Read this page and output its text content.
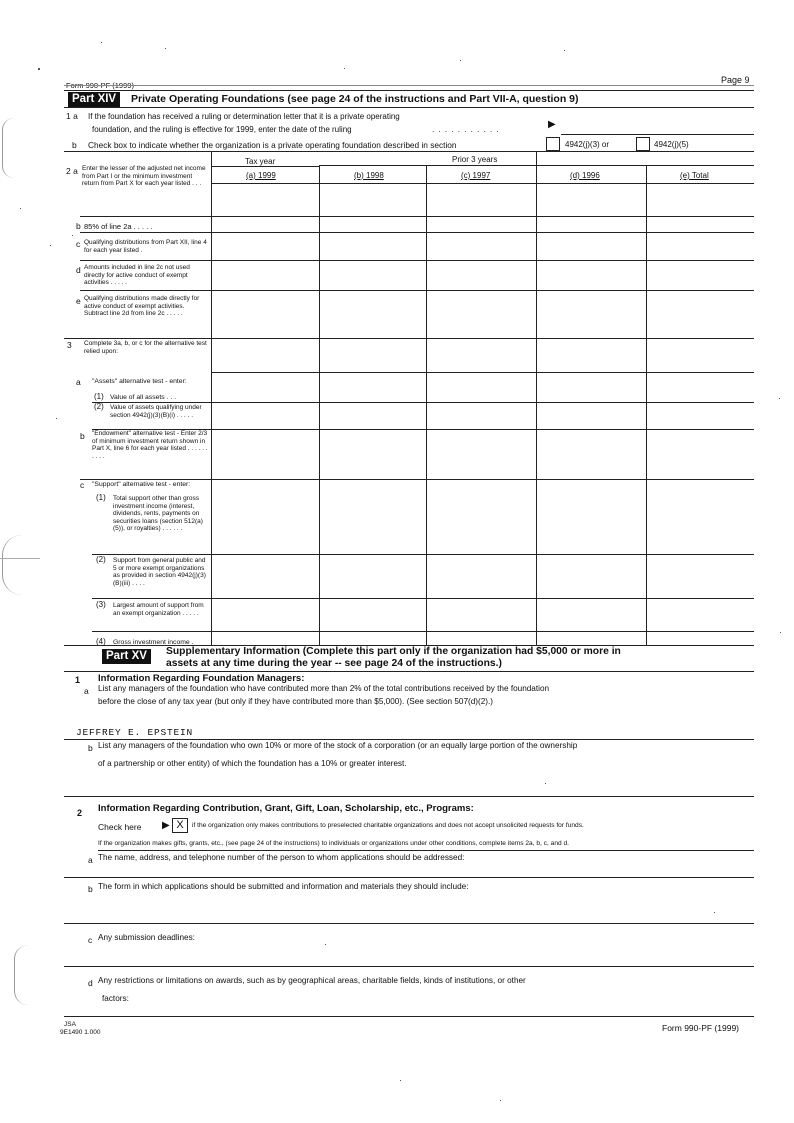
Form 990-PF (1999)
Page 9
Part XIV	Private Operating Foundations (see page 24 of the instructions and Part VII-A, question 9)
1 a If the foundation has received a ruling or determination letter that it is a private operating
foundation, and the ruling is effective for 1999, enter the date of the ruling	. . . . . . . . . . .	▶
b Check box to indicate whether the organization is a private operating foundation described in section	4942(j)(3) or	4942(j)(5)
Tax year	Prior 3 years
(a) 1999	(b) 1998	(c) 1997	(d) 1996	(e) Total
2 a Enter the lesser of the adjusted net income from Part I or the minimum investment return from Part X for each year listed . . .
b 85% of line 2a . . . . .
c Qualifying distributions from Part XII, line 4 for each year listed .
d Amounts included in line 2c not used directly for active conduct of exempt activities . . . . .
e Qualifying distributions made directly for active conduct of exempt activities. Subtract line 2d from line 2c . . . . .
3 Complete 3a, b, or c for the alternative test relied upon:
a "Assets" alternative test - enter:
(1) Value of all assets . . .
(2) Value of assets qualifying under section 4942(j)(3)(B)(i) . . . . .
b "Endowment" alternative test - Enter 2/3 of minimum investment return shown in Part X, line 6 for each year listed . . . . . . . . . .
c "Support" alternative test - enter:
(1) Total support other than gross investment income (interest, dividends, rents, payments on securities loans (section 512(a)(5)), or royalties) . . . . . .
(2) Support from general public and 5 or more exempt organizations as provided in section 4942(j)(3)(B)(iii) . . . .
(3) Largest amount of support from an exempt organization . . . . .
(4) Gross investment income .
Part XV	Supplementary Information (Complete this part only if the organization had $5,000 or more in
assets at any time during the year -- see page 24 of the instructions.)
1 Information Regarding Foundation Managers:
a List any managers of the foundation who have contributed more than 2% of the total contributions received by the foundation
before the close of any tax year (but only if they have contributed more than $5,000). (See section 507(d)(2).)
JEFFREY E. EPSTEIN
b List any managers of the foundation who own 10% or more of the stock of a corporation (or an equally large portion of the ownership
of a partnership or other entity) of which the foundation has a 10% or greater interest.
2 Information Regarding Contribution, Grant, Gift, Loan, Scholarship, etc., Programs:
Check here ▶ X	if the organization only makes contributions to preselected charitable organizations and does not accept unsolicited requests for funds.
If the organization makes gifts, grants, etc., (see page 24 of the instructions) to individuals or organizations under other conditions, complete items 2a, b, c, and d.
a The name, address, and telephone number of the person to whom applications should be addressed:
b The form in which applications should be submitted and information and materials they should include:
c Any submission deadlines:
d Any restrictions or limitations on awards, such as by geographical areas, charitable fields, kinds of institutions, or other
factors:
JSA
9E1490 1.000	Form 990-PF (1999)
